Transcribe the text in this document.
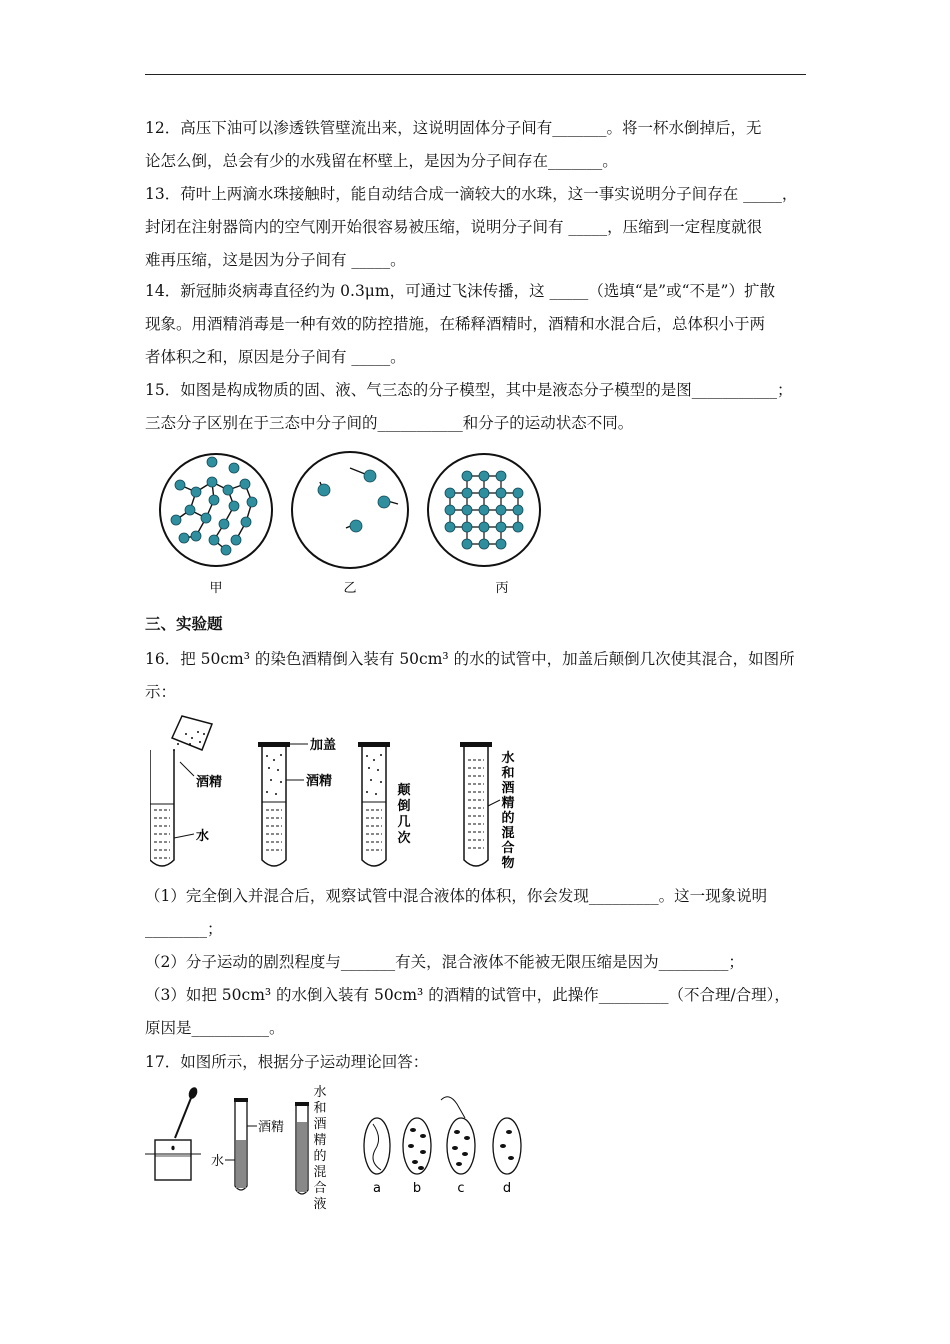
12．高压下油可以渗透铁管壁流出来，这说明固体分子间有_______。将一杯水倒掉后，无
论怎么倒，总会有少的水残留在杯壁上，是因为分子间存在_______。

13．荷叶上两滴水珠接触时，能自动结合成一滴较大的水珠，这一事实说明分子间存在 _____，
封闭在注射器筒内的空气刚开始很容易被压缩，说明分子间有 _____，压缩到一定程度就很
难再压缩，这是因为分子间有 _____。

14．新冠肺炎病毒直径约为 0.3μm，可通过飞沫传播，这 _____（选填“是”或“不是”）扩散
现象。用酒精消毒是一种有效的防控措施，在稀释酒精时，酒精和水混合后，总体积小于两
者体积之和，原因是分子间有 _____。

15．如图是构成物质的固、液、气三态的分子模型，其中是液态分子模型的是图___________；
三态分子区别在于三态中分子间的___________和分子的运动状态不同。

甲	乙	丙
三、实验题

16．把 50cm³ 的染色酒精倒入装有 50cm³ 的水的试管中，加盖后颠倒几次使其混合，如图所
示：

酒精
水
加盖
酒精
颠
倒
几
次
水
和
酒
精
的
混
合
物

（1）完全倒入并混合后，观察试管中混合液体的体积，你会发现_________。这一现象说明
________；
（2）分子运动的剧烈程度与_______有关，混合液体不能被无限压缩是因为_________；
（3）如把 50cm³ 的水倒入装有 50cm³ 的酒精的试管中，此操作_________（不合理/合理），
原因是__________。

17．如图所示，根据分子运动理论回答：

酒精
水
水
和
酒
精
的
混
合
液
a b	c	d
